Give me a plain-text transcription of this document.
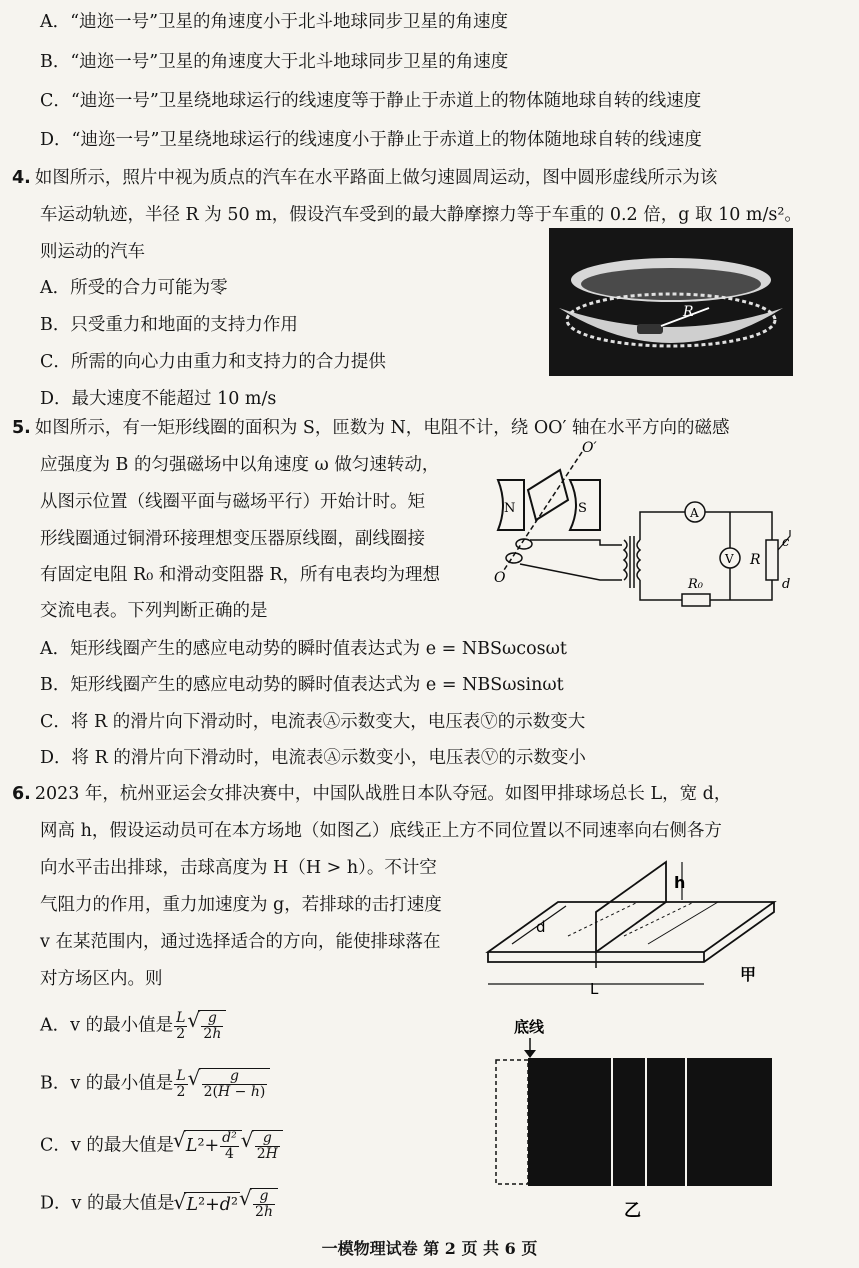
A．“迪迩一号”卫星的角速度小于北斗地球同步卫星的角速度
B．“迪迩一号”卫星的角速度大于北斗地球同步卫星的角速度
C．“迪迩一号”卫星绕地球运行的线速度等于静止于赤道上的物体随地球自转的线速度
D．“迪迩一号”卫星绕地球运行的线速度小于静止于赤道上的物体随地球自转的线速度
4. 如图所示，照片中视为质点的汽车在水平路面上做匀速圆周运动，图中圆形虚线所示为该
车运动轨迹，半径 R 为 50 m，假设汽车受到的最大静摩擦力等于车重的 0.2 倍，g 取 10 m/s²。
则运动的汽车
A．所受的合力可能为零
B．只受重力和地面的支持力作用
C．所需的向心力由重力和支持力的合力提供
D．最大速度不能超过 10 m/s
R
5. 如图所示，有一矩形线圈的面积为 S，匝数为 N，电阻不计，绕 OO′ 轴在水平方向的磁感
应强度为 B 的匀强磁场中以角速度 ω 做匀速转动，
从图示位置（线圈平面与磁场平行）开始计时。矩
形线圈通过铜滑环接理想变压器原线圈，副线圈接
有固定电阻 R₀ 和滑动变阻器 R，所有电表均为理想
交流电表。下列判断正确的是
A．矩形线圈产生的感应电动势的瞬时值表达式为 e = NBSωcosωt
B．矩形线圈产生的感应电动势的瞬时值表达式为 e = NBSωsinωt
C．将 R 的滑片向下滑动时，电流表Ⓐ示数变大，电压表Ⓥ的示数变大
D．将 R 的滑片向下滑动时，电流表Ⓐ示数变小，电压表Ⓥ的示数变小
N	S
O′
O
A
V R
c
d
R₀
6. 2023 年，杭州亚运会女排决赛中，中国队战胜日本队夺冠。如图甲排球场总长 L，宽 d，
网高 h，假设运动员可在本方场地（如图乙）底线正上方不同位置以不同速率向右侧各方
向水平击出排球，击球高度为 H（H > h）。不计空
气阻力的作用，重力加速度为 g，若排球的击打速度
v 在某范围内，通过选择适合的方向，能使排球落在
对方场区内。则
A．v 的最小值是 $\frac{L}{2}$ √ $\frac{g}{2h}$
B．v 的最小值是 $\frac{L}{2}$ √ $\frac{g}{2(H - h)}$
C．v 的最大值是 √ $L^2+ \frac{\text{d²}}{4}$ √ $\frac{g}{2H}$
D．v 的最大值是 √ L²+d² √ $\frac{g}{2h}$
h
d
L
甲
底线
乙
一模物理试卷 第 2 页 共 6 页
